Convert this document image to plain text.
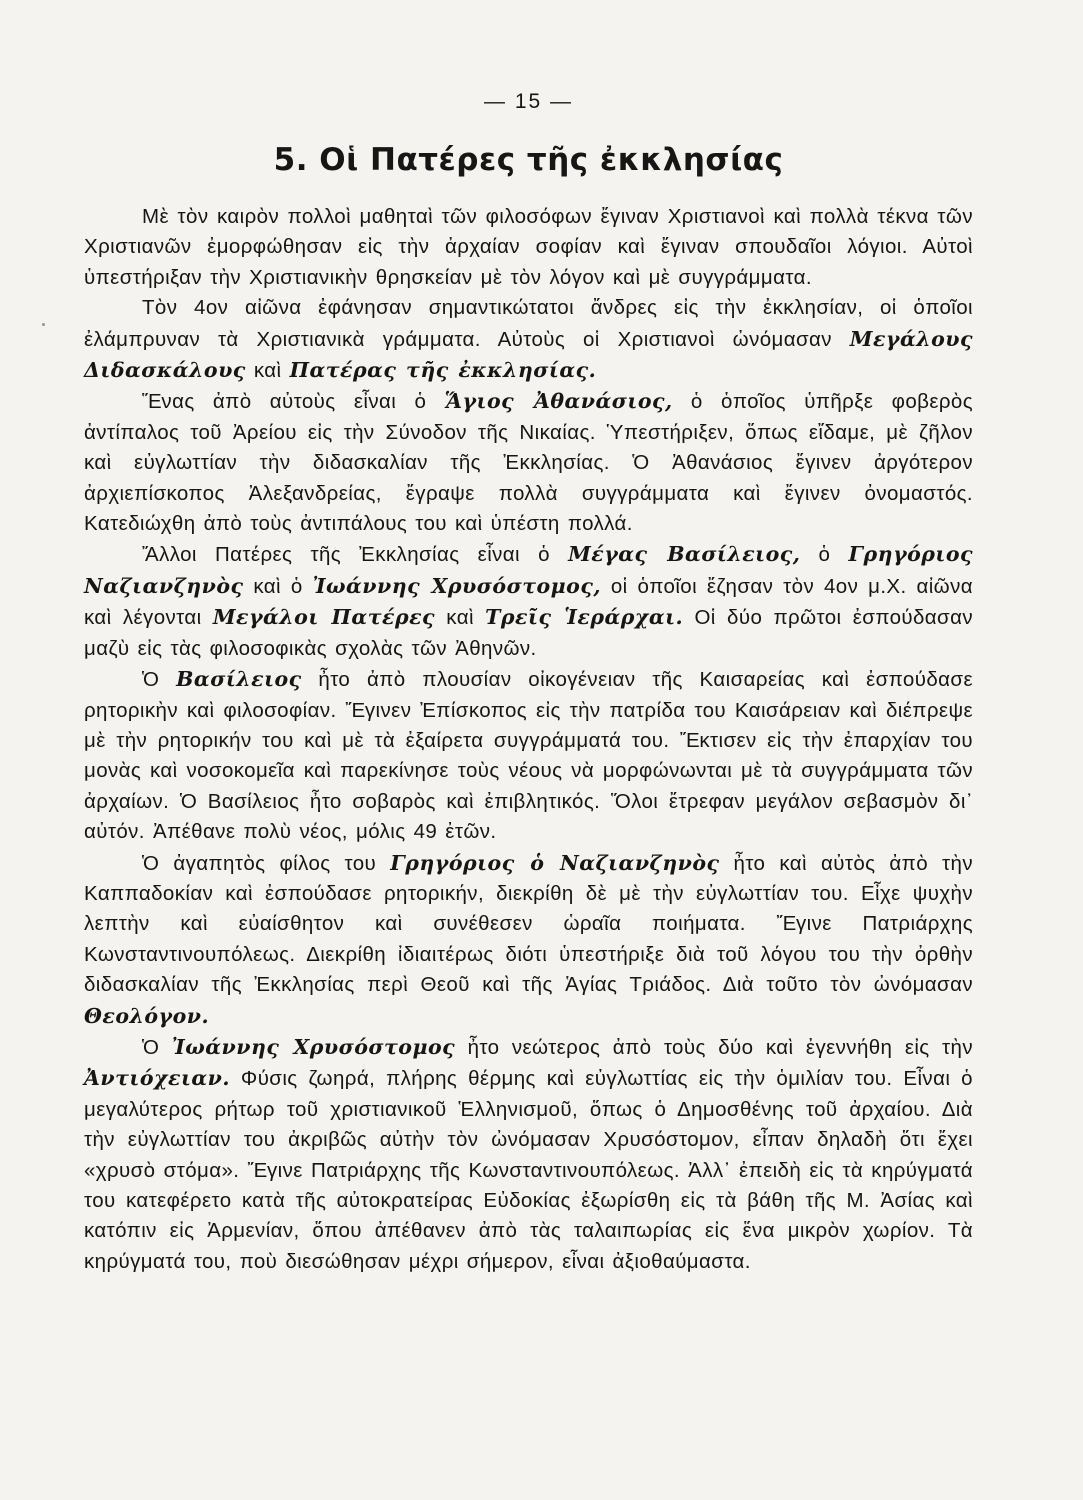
— 15 —
5. Οἱ Πατέρες τῆς ἐκκλησίας

Μὲ τὸν καιρὸν πολλοὶ μαθηταὶ τῶν φιλοσόφων ἔγιναν Χριστιανοὶ καὶ πολλὰ τέκνα τῶν Χριστιανῶν ἐμορφώθησαν εἰς τὴν ἀρχαίαν σοφίαν καὶ ἔγιναν σπουδαῖοι λόγιοι. Αὐτοὶ ὑπεστήριξαν τὴν Χριστιανικὴν θρησκείαν μὲ τὸν λόγον καὶ μὲ συγγράμματα.

Τὸν 4ον αἰῶνα ἐφάνησαν σημαντικώτατοι ἄνδρες εἰς τὴν ἐκκλησίαν, οἱ ὁποῖοι ἐλάμπρυναν τὰ Χριστιανικὰ γράμματα. Αὐτοὺς οἱ Χριστιανοὶ ὠνόμασαν Μεγάλους Διδασκάλους καὶ Πατέρας τῆς ἐκκλησίας.

Ἕνας ἀπὸ αὐτοὺς εἶναι ὁ Ἅγιος Ἀθανάσιος, ὁ ὁποῖος ὑπῆρξε φοβερὸς ἀντίπαλος τοῦ Ἀρείου εἰς τὴν Σύνοδον τῆς Νικαίας. Ὑπεστήριξεν, ὅπως εἴδαμε, μὲ ζῆλον καὶ εὐγλωττίαν τὴν διδασκαλίαν τῆς Ἐκκλησίας. Ὁ Ἀθανάσιος ἔγινεν ἀργότερον ἀρχιεπίσκοπος Ἀλεξανδρείας, ἔγραψε πολλὰ συγγράμματα καὶ ἔγινεν ὀνομαστός. Κατεδιώχθη ἀπὸ τοὺς ἀντιπάλους του καὶ ὑπέστη πολλά.

Ἄλλοι Πατέρες τῆς Ἐκκλησίας εἶναι ὁ Μέγας Βασίλειος, ὁ Γρηγόριος Ναζιανζηνὸς καὶ ὁ Ἰωάννης Χρυσόστομος, οἱ ὁποῖοι ἔζησαν τὸν 4ον μ.Χ. αἰῶνα καὶ λέγονται Μεγάλοι Πατέρες καὶ Τρεῖς Ἱεράρχαι. Οἱ δύο πρῶτοι ἐσπούδασαν μαζὺ εἰς τὰς φιλοσοφικὰς σχολὰς τῶν Ἀθηνῶν.

Ὁ Βασίλειος ἦτο ἀπὸ πλουσίαν οἰκογένειαν τῆς Καισαρείας καὶ ἐσπούδασε ρητορικὴν καὶ φιλοσοφίαν. Ἔγινεν Ἐπίσκοπος εἰς τὴν πατρίδα του Καισάρειαν καὶ διέπρεψε μὲ τὴν ρητορικήν του καὶ μὲ τὰ ἐξαίρετα συγγράμματά του. Ἔκτισεν εἰς τὴν ἐπαρχίαν του μονὰς καὶ νοσοκομεῖα καὶ παρεκίνησε τοὺς νέους νὰ μορφώνωνται μὲ τὰ συγγράμματα τῶν ἀρχαίων. Ὁ Βασίλειος ἦτο σοβαρὸς καὶ ἐπιβλητικός. Ὅλοι ἔτρεφαν μεγάλον σεβασμὸν δι᾽ αὐτόν. Ἀπέθανε πολὺ νέος, μόλις 49 ἐτῶν.

Ὁ ἀγαπητὸς φίλος του Γρηγόριος ὁ Ναζιανζηνὸς ἦτο καὶ αὐτὸς ἀπὸ τὴν Καππαδοκίαν καὶ ἐσπούδασε ρητορικήν, διεκρίθη δὲ μὲ τὴν εὐγλωττίαν του. Εἶχε ψυχὴν λεπτὴν καὶ εὐαίσθητον καὶ συνέθεσεν ὡραῖα ποιήματα. Ἔγινε Πατριάρχης Κωνσταντινουπόλεως. Διεκρίθη ἰδιαιτέρως διότι ὑπεστήριξε διὰ τοῦ λόγου του τὴν ὀρθὴν διδασκαλίαν τῆς Ἐκκλησίας περὶ Θεοῦ καὶ τῆς Ἁγίας Τριάδος. Διὰ τοῦτο τὸν ὠνόμασαν Θεολόγον.

Ὁ Ἰωάννης Χρυσόστομος ἦτο νεώτερος ἀπὸ τοὺς δύο καὶ ἐγεννήθη εἰς τὴν Ἀντιόχειαν. Φύσις ζωηρά, πλήρης θέρμης καὶ εὐγλωττίας εἰς τὴν ὁμιλίαν του. Εἶναι ὁ μεγαλύτερος ρήτωρ τοῦ χριστιανικοῦ Ἑλληνισμοῦ, ὅπως ὁ Δημοσθένης τοῦ ἀρχαίου. Διὰ τὴν εὐγλωττίαν του ἀκριβῶς αὐτὴν τὸν ὠνόμασαν Χρυσόστομον, εἶπαν δηλαδὴ ὅτι ἔχει «χρυσὸ στόμα». Ἔγινε Πατριάρχης τῆς Κωνσταντινουπόλεως. Ἀλλ᾽ ἐπειδὴ εἰς τὰ κηρύγματά του κατεφέρετο κατὰ τῆς αὐτοκρατείρας Εὐδοκίας ἐξωρίσθη εἰς τὰ βάθη τῆς Μ. Ἀσίας καὶ κατόπιν εἰς Ἀρμενίαν, ὅπου ἀπέθανεν ἀπὸ τὰς ταλαιπωρίας εἰς ἕνα μικρὸν χωρίον. Τὰ κηρύγματά του, ποὺ διεσώθησαν μέχρι σήμερον, εἶναι ἀξιοθαύμαστα.
